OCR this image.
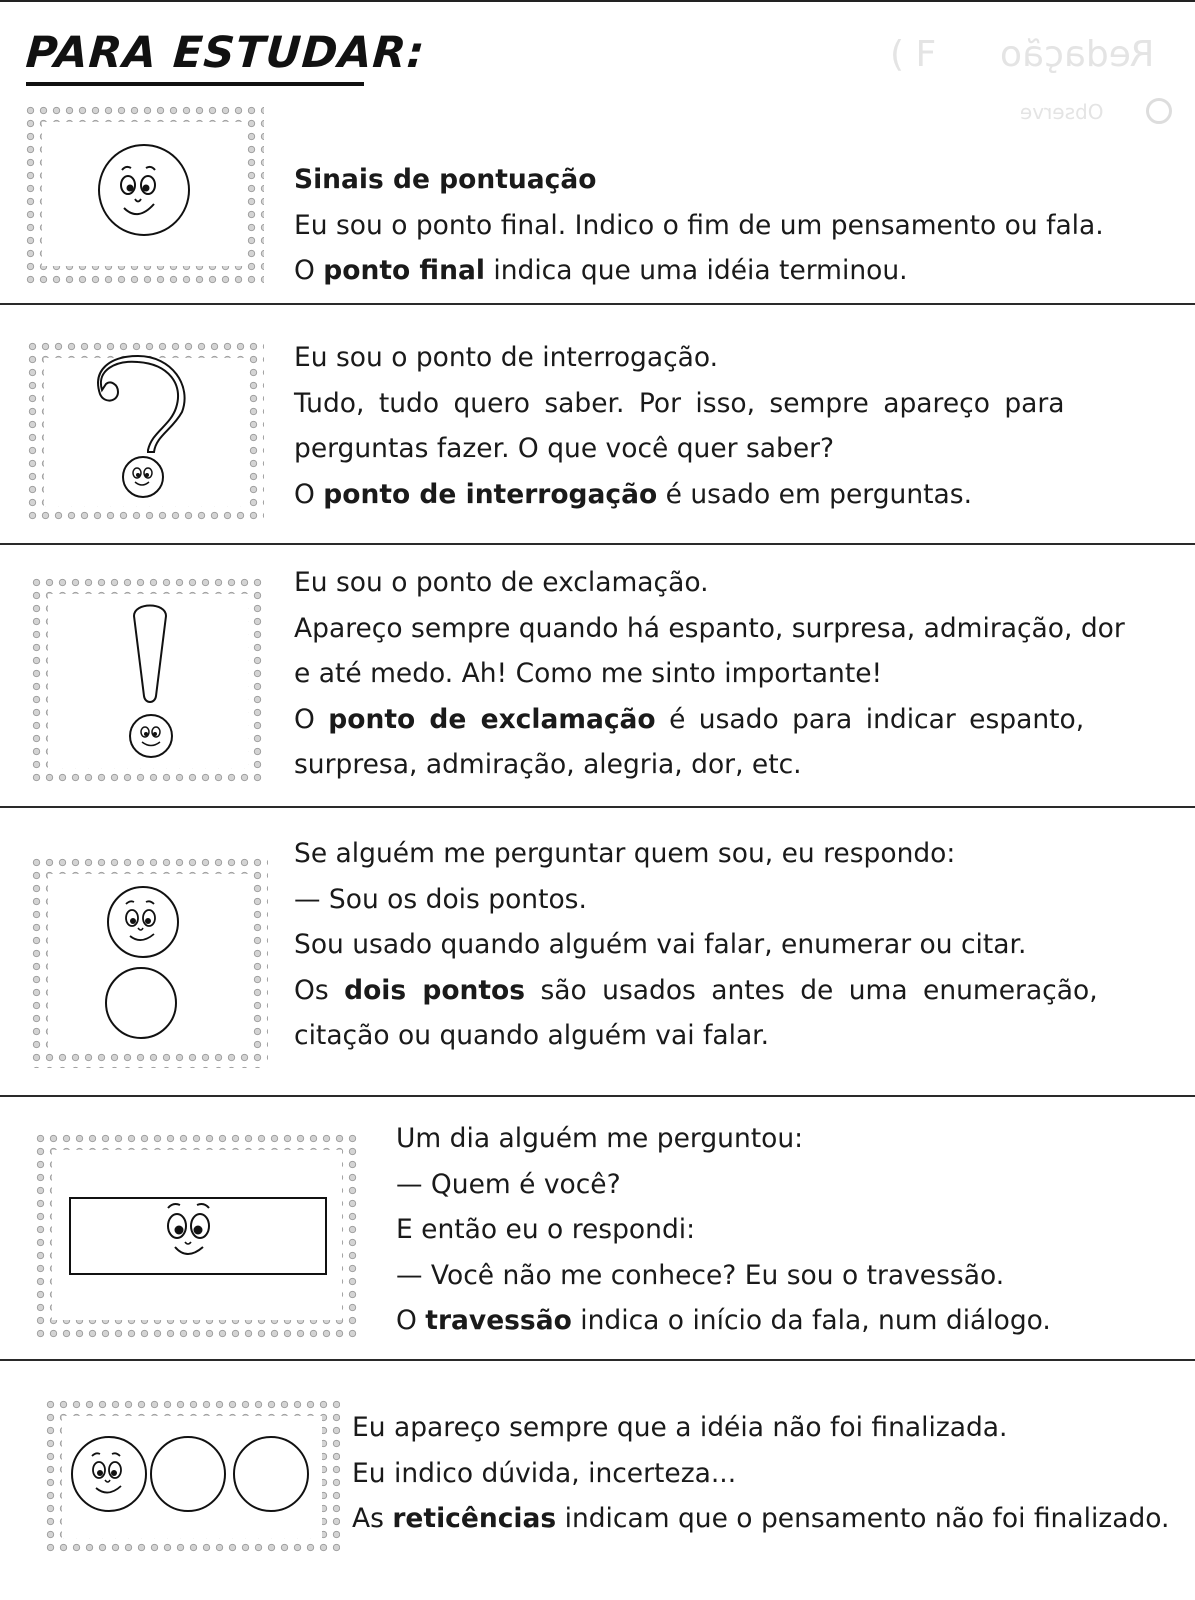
( F Redação
Observe
PARA ESTUDAR:
Sinais de pontuação
Eu sou o ponto final. Indico o fim de um pensamento ou fala.
O ponto final indica que uma idéia terminou.
Eu sou o ponto de interrogação.
Tudo, tudo quero saber. Por isso, sempre apareço para
perguntas fazer. O que você quer saber?
O ponto de interrogação é usado em perguntas.
Eu sou o ponto de exclamação.
Apareço sempre quando há espanto, surpresa, admiração, dor
e até medo. Ah! Como me sinto importante!
O ponto de exclamação é usado para indicar espanto,
surpresa, admiração, alegria, dor, etc.
Se alguém me perguntar quem sou, eu respondo:
— Sou os dois pontos.
Sou usado quando alguém vai falar, enumerar ou citar.
Os dois pontos são usados antes de uma enumeração,
citação ou quando alguém vai falar.
Um dia alguém me perguntou:
— Quem é você?
E então eu o respondi:
— Você não me conhece? Eu sou o travessão.
O travessão indica o início da fala, num diálogo.
Eu apareço sempre que a idéia não foi finalizada.
Eu indico dúvida, incerteza...
As reticências indicam que o pensamento não foi finalizado.
